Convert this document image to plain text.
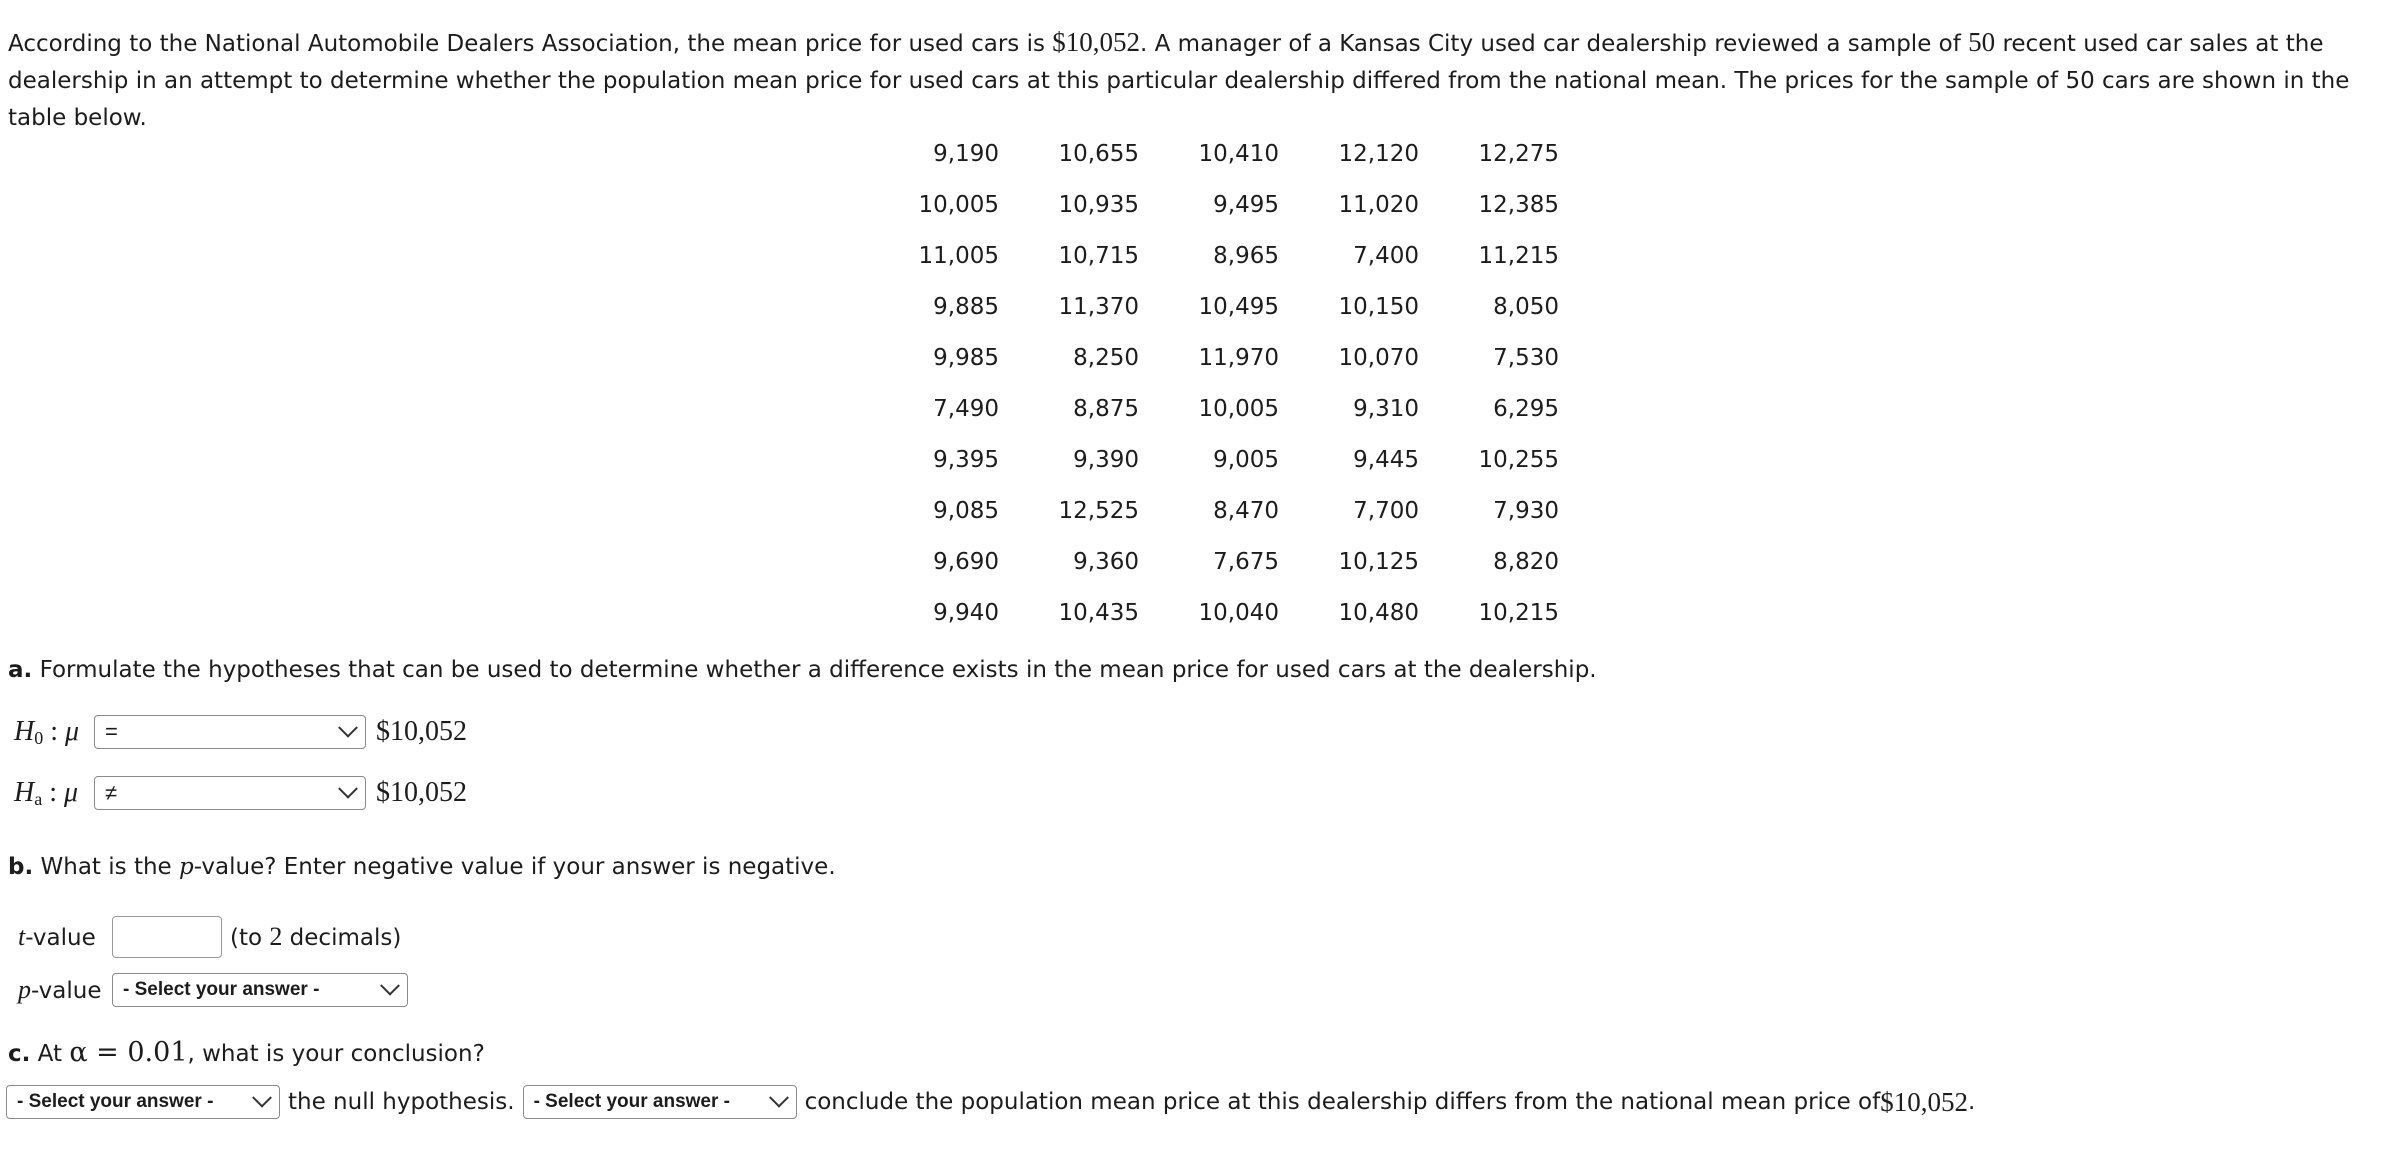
According to the National Automobile Dealers Association, the mean price for used cars is $10,052. A manager of a Kansas City used car dealership reviewed a sample of 50 recent used car sales at the dealership in an attempt to determine whether the population mean price for used cars at this particular dealership differed from the national mean. The prices for the sample of 50 cars are shown in the table below.

9,190	10,655	10,410	12,120	12,275
10,005	10,935	9,495	11,020	12,385
11,005	10,715	8,965	7,400	11,215
9,885	11,370	10,495	10,150	8,050
9,985	8,250	11,970	10,070	7,530
7,490	8,875	10,005	9,310	6,295
9,395	9,390	9,005	9,445	10,255
9,085	12,525	8,470	7,700	7,930
9,690	9,360	7,675	10,125	8,820
9,940	10,435	10,040	10,480	10,215

a. Formulate the hypotheses that can be used to determine whether a difference exists in the mean price for used cars at the dealership.

$H_0$ : μ	=	$10,052
$H_a$ : μ	≠	$10,052

b. What is the p-value? Enter negative value if your answer is negative.

t-value	(to 2 decimals)
p-value	- Select your answer -

c. At α = 0.01, what is your conclusion?

- Select your answer -	the null hypothesis. - Select your answer -	conclude the population mean price at this dealership differs from the national mean price of $10,052 .
